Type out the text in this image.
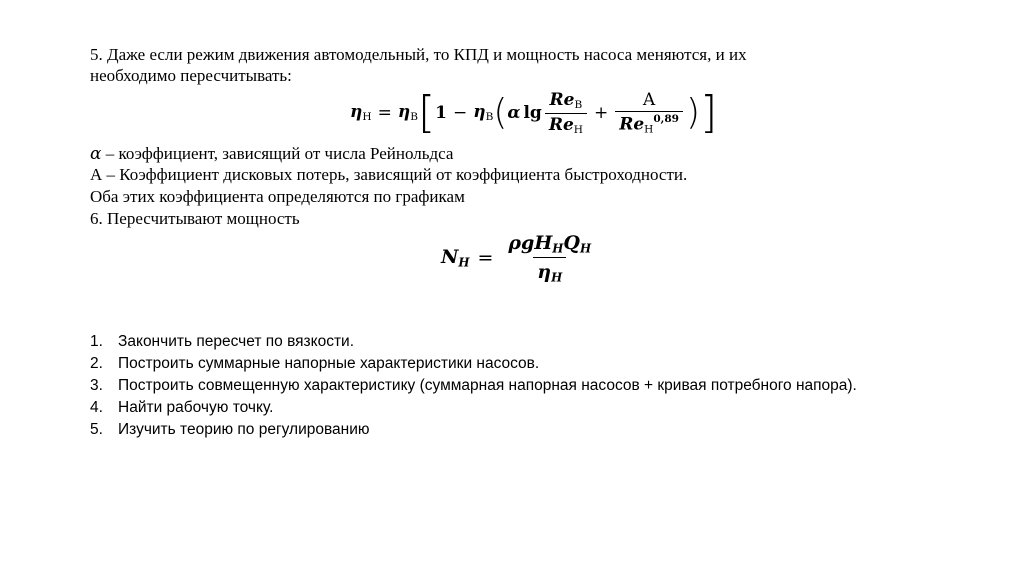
5. Даже если режим движения автомодельный, то КПД и мощность насоса меняются, и их
необходимо пересчитывать:
$\eta_Н = \eta_В$ [ $1 - \eta_В$ ( α $\lg \frac{Re_В}{Re_Н} + \frac{А}{Re_Н^{0,89}}$ ) ]
α – коэффициент, зависящий от числа Рейнольдса
А – Коэффициент дисковых потерь, зависящий от коэффициента быстроходности.
Оба этих коэффициента определяются по графикам
6. Пересчитывают мощность
NH = $\frac{\text{ρgHHQH}}{\eta H}$
1. Закончить пересчет по вязкости.
2. Построить суммарные напорные характеристики насосов.
3. Построить совмещенную характеристику (суммарная напорная насосов + кривая потребного напора).
4. Найти рабочую точку.
5. Изучить теорию по регулированию
